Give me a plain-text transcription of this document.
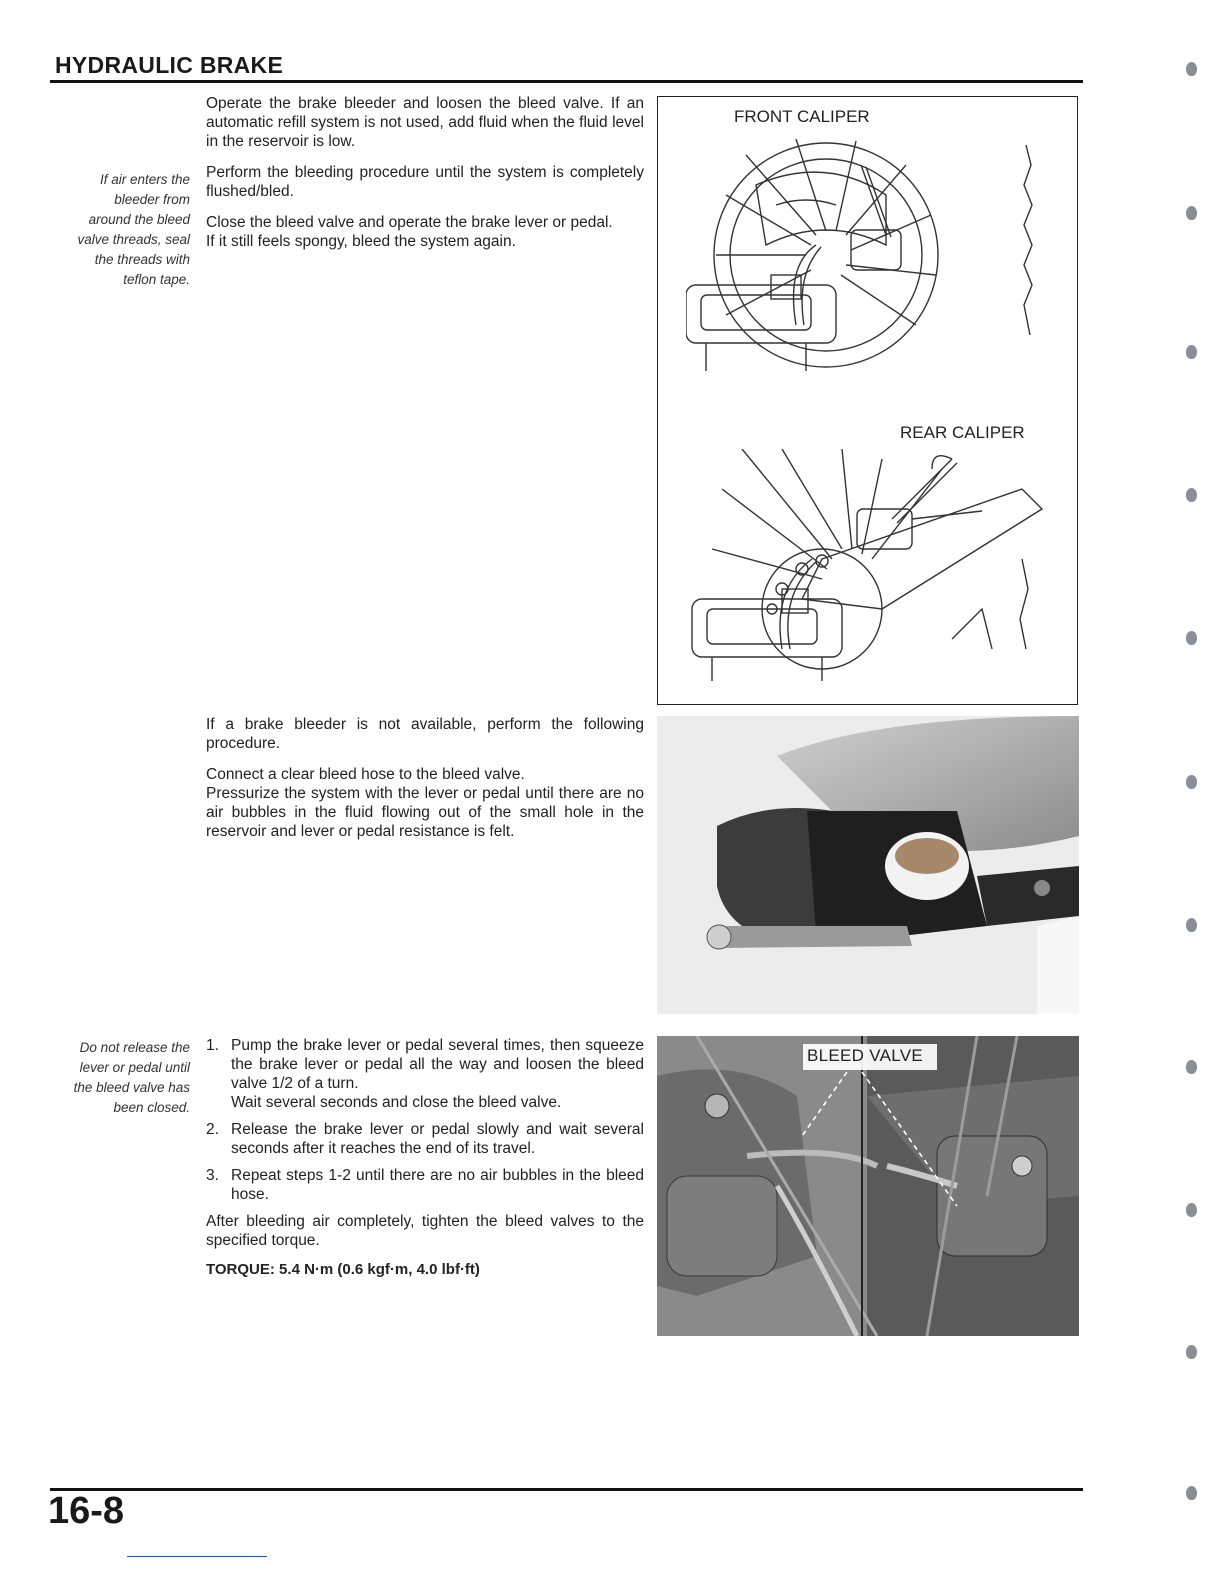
HYDRAULIC BRAKE
If air enters the
bleeder from
around the bleed
valve threads, seal
the threads with
teflon tape.

Operate the brake bleeder and loosen the bleed valve. If an automatic refill system is not used, add fluid when the fluid level in the reservoir is low.

Perform the bleeding procedure until the system is completely flushed/bled.

Close the bleed valve and operate the brake lever or pedal.

If it still feels spongy, bleed the system again.

FRONT CALIPER
REAR CALIPER

If a brake bleeder is not available, perform the following procedure.

Connect a clear bleed hose to the bleed valve.

Pressurize the system with the lever or pedal until there are no air bubbles in the fluid flowing out of the small hole in the reservoir and lever or pedal resistance is felt.

Do not release the
lever or pedal until
the bleed valve has
been closed.
1. Pump the brake lever or pedal several times, then squeeze the brake lever or pedal all the way and loosen the bleed valve 1/2 of a turn.
Wait several seconds and close the bleed valve.
2. Release the brake lever or pedal slowly and wait several seconds after it reaches the end of its travel.
3. Repeat steps 1-2 until there are no air bubbles in the bleed hose.

After bleeding air completely, tighten the bleed valves to the specified torque.

TORQUE: 5.4 N·m (0.6 kgf·m, 4.0 lbf·ft)
BLEED VALVE
16-8
